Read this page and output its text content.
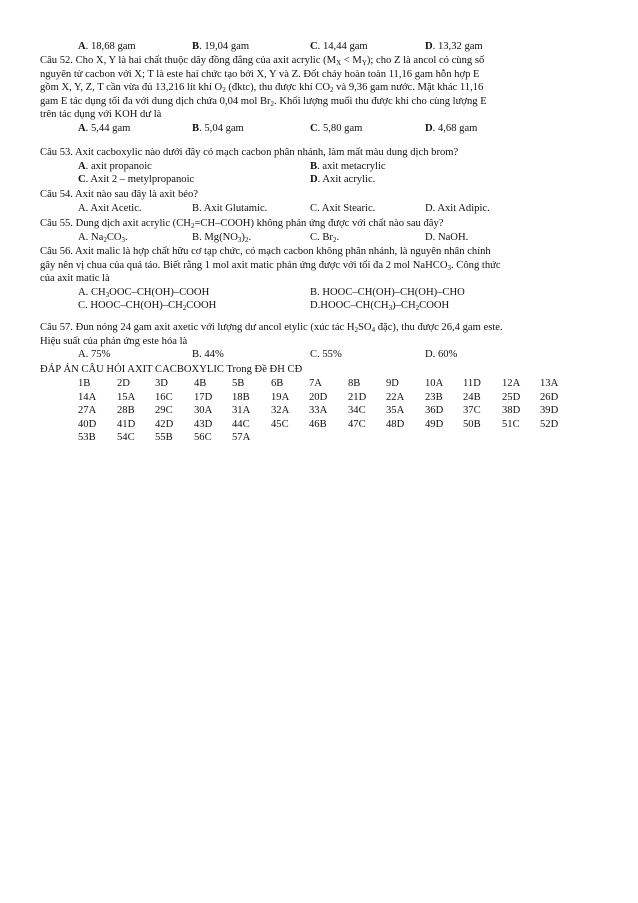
A. 18,68 gam	B. 19,04 gam	C. 14,44 gam	D. 13,32 gam
Câu 52. Cho X, Y là hai chất thuộc dãy đồng đẳng của axit acrylic $(M_X < M_Y)$; cho Z là ancol có cùng số
nguyên tử cacbon với X; T là este hai chức tạo bởi X, Y và Z. Đốt cháy hoàn toàn 11,16 gam hỗn hợp E
gồm X, Y, Z, T cần vừa đủ 13,216 lít khí $O_2$ (đktc), thu được khí $CO_2$ và 9,36 gam nước. Mặt khác 11,16
gam E tác dụng tối đa với dung dịch chứa 0,04 mol $Br_2$. Khối lượng muối thu được khi cho cùng lượng E
trên tác dụng với KOH dư là
A. 5,44 gam	B. 5,04 gam	C. 5,80 gam	D. 4,68 gam
Câu 53. Axit cacboxylic nào dưới đây có mạch cacbon phân nhánh, làm mất màu dung dịch brom?
A. axit propanoic	B. axit metacrylic
C. Axit 2 – metylpropanoic	D. Axit acrylic.
Câu 54. Axit nào sau đây là axit béo?
A. Axit Acetic.	B. Axit Glutamic.	C. Axit Stearic.	D. Axit Adipic.
Câu 55. Dung dịch axit acrylic $(CH_2=CH-COOH)$ không phản ứng được với chất nào sau đây?
A. $Na_2CO_3$.	B. $Mg(NO_3)_2$.	C. $Br_2$.	D. NaOH.
Câu 56. Axit malic là hợp chất hữu cơ tạp chức, có mạch cacbon không phân nhánh, là nguyên nhân chính
gây nên vị chua của quả táo. Biết rằng 1 mol axit matic phản ứng được với tối đa 2 mol NaHCO$_3$. Công thức
của axit matic là
A. $CH_3OOC-CH(OH)$–COOH	B. HOOC–CH(OH)–CH(OH)–CHO
C. HOOC–$CH(OH)-CH_2COOH$	$D.HOOC-CH(CH_3)-CH_2COOH$
Câu 57. Đun nóng 24 gam axit axetic với lượng dư ancol etylic (xúc tác $H_2SO_4$ đặc), thu được 26,4 gam este.
Hiệu suất của phản ứng este hóa là
A. 75%	B. 44%	C. 55%	D. 60%
ĐÁP ÁN CÂU HỎI AXIT CACBOXYLIC Trong Đề ĐH CĐ
1B	2D 3D 4B 5B	6B 7A 8B 9D 10A 11D 12A 13A
14A 15A 16C 17D 18B 19A 20D 21D 22A 23B 24B 25D 26D
27A 28B 29C 30A 31A 32A 33A 34C 35A 36D 37C 38D 39D
40D 41D 42D 43D 44C 45C 46B 47C 48D 49D 50B 51C 52D
53B 54C 55B 56C 57A
